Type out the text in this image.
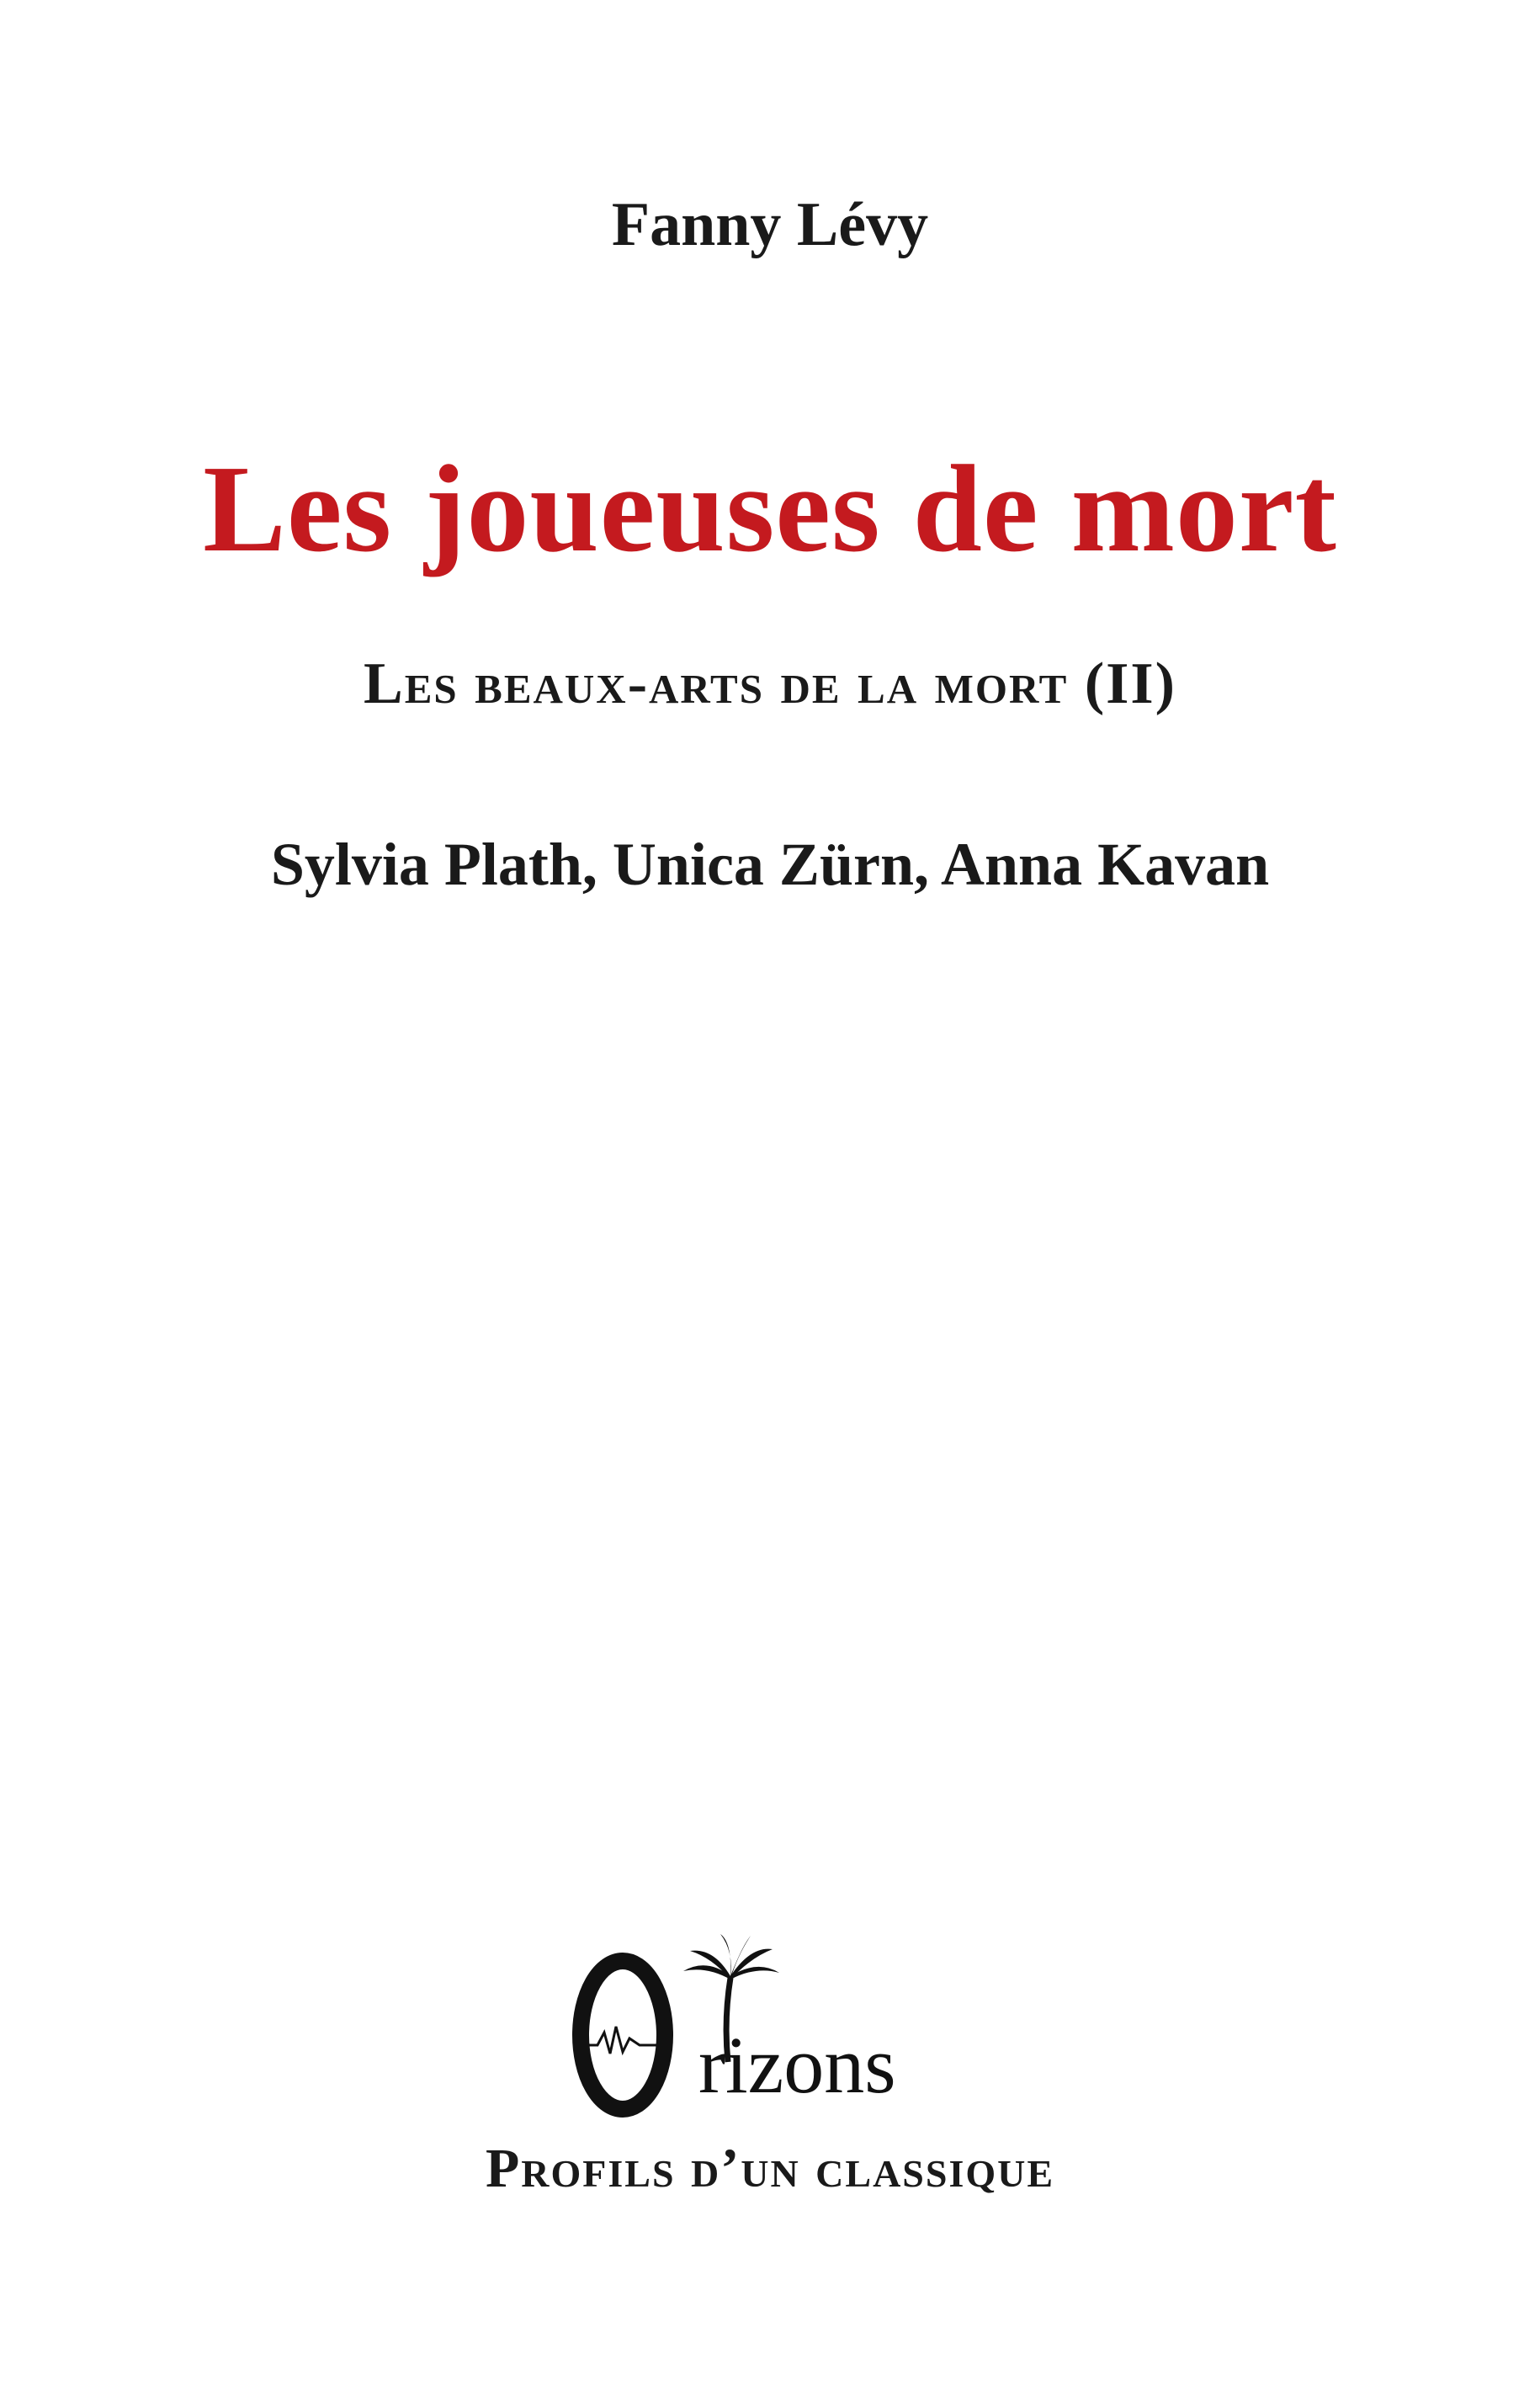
Fanny Lévy
Les joueuses de mort
Les beaux-arts de la mort (II)
Sylvia Plath, Unica Zürn, Anna Kavan
rizons
Profils d’un classique
